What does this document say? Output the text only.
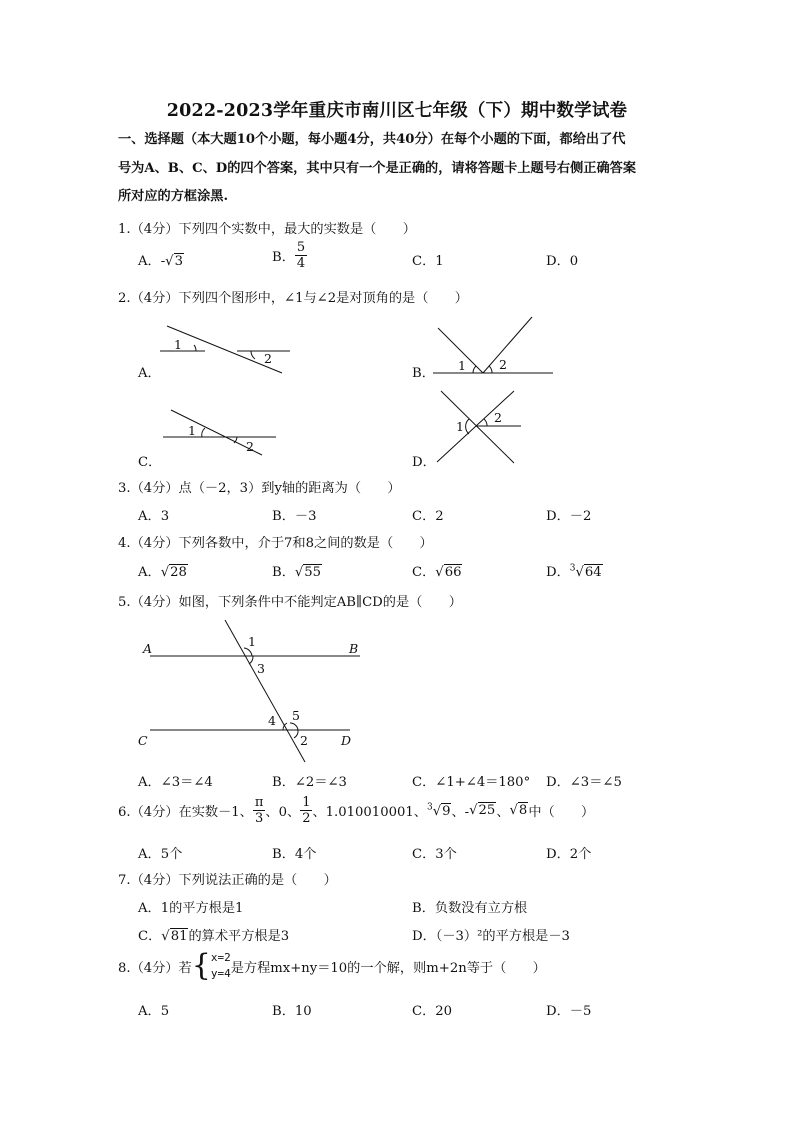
2022-2023学年重庆市南川区七年级（下）期中数学试卷
一、选择题（本大题10个小题，每小题4分，共40分）在每个小题的下面，都给出了代
号为A、B、C、D的四个答案，其中只有一个是正确的，请将答题卡上题号右侧正确答案
所对应的方框涂黑.
1.（4分）下列四个实数中，最大的实数是（　　）
A．-√3	B． $\frac{5}{4}$	C．1	D．0
2.（4分）下列四个图形中，∠1与∠2是对顶角的是（　　）
A．	B．
C．	D．
1
2	1	2
1
2
1
2
A	B
C	D
1
3
4 5
2
3.（4分）点（－2，3）到y轴的距离为（　　）
A．3	B．－3	C．2	D．－2
4.（4分）下列各数中，介于7和8之间的数是（　　）
A．√28	B．√55	C．√66	D．$^3$√64
5.（4分）如图，下列条件中不能判定AB∥CD的是（　　）
A．∠3＝∠4	B．∠2＝∠3	C．∠1+∠4＝180° D．∠3＝∠5
6.（4分）在实数－1、 $\frac{\pi}{3}$ 、0、 $\frac{1}{2}$ 、1.010010001、$^3$√9、-√25、√8中（　　）
A．5个	B．4个	C．3个	D．2个
7.（4分）下列说法正确的是（　　）
A．1的平方根是1	B．负数没有立方根
C．√81的算术平方根是3	D．（－3）²的平方根是－3
8.（4分）若{ x=2
y=4 是方程mx+ny＝10的一个解，则m+2n等于（　　）
A．5	B．10	C．20	D．－5
